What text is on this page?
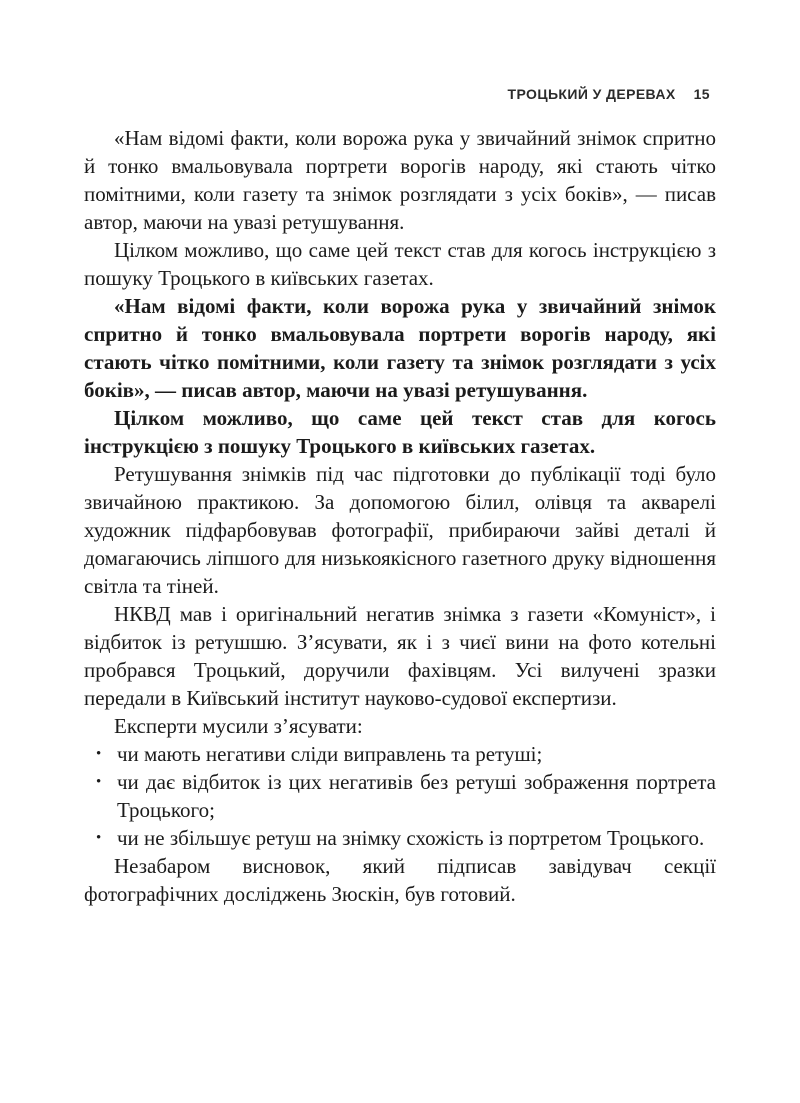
ТРОЦЬКИЙ У ДЕРЕВАХ 15

«Нам відомі факти, коли ворожа рука у звичайний знімок спритно й тонко вмальовувала портрети ворогів народу, які стають чітко помітними, коли газету та знімок розглядати з усіх боків», — писав автор, маючи на увазі ретушування.

Цілком можливо, що саме цей текст став для когось інструкцією з пошуку Троцького в київських газетах.

«Нам відомі факти, коли ворожа рука у звичайний знімок спритно й тонко вмальовувала портрети ворогів народу, які стають чітко помітними, коли газету та знімок розглядати з усіх боків», — писав автор, маючи на увазі ретушування.

Цілком можливо, що саме цей текст став для когось інструкцією з пошуку Троцького в київських газетах.

Ретушування знімків під час підготовки до публікації тоді було звичайною практикою. За допомогою білил, олівця та акварелі художник підфарбовував фотографії, прибираючи зайві деталі й домагаючись ліпшого для низькоякісного газетного друку відношення світла та тіней.

НКВД мав і оригінальний негатив знімка з газети «Комуніст», і відбиток із ретушшю. З’ясувати, як і з чиєї вини на фото котельні пробрався Троцький, доручили фахівцям. Усі вилучені зразки передали в Київський інститут науково-судової експертизи.

Експерти мусили з’ясувати:

• чи мають негативи сліди виправлень та ретуші;
• чи дає відбиток із цих негативів без ретуші зображення портрета Троцького;
• чи не збільшує ретуш на знімку схожість із портретом Троцького.

Незабаром висновок, який підписав завідувач секції фотографічних досліджень Зюскін, був готовий.
